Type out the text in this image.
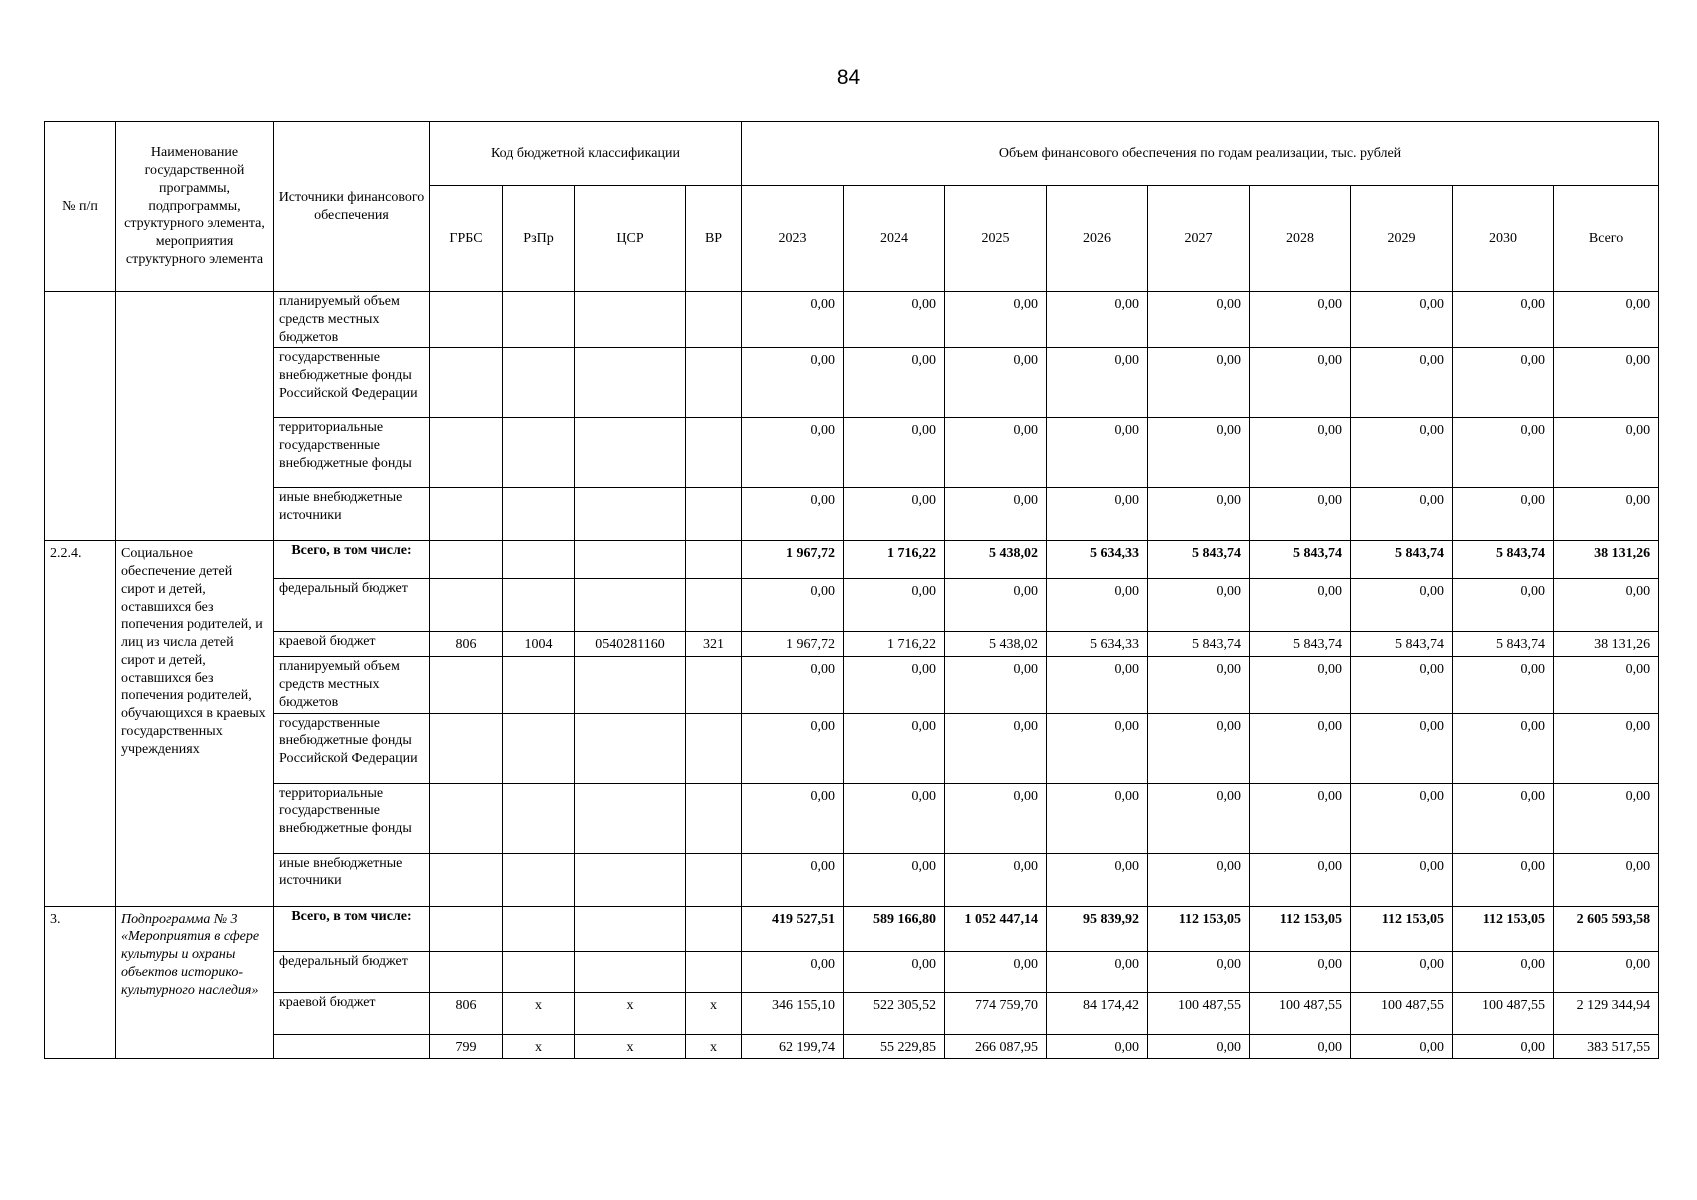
84
№ п/п	Наименование государственной программы, подпрограммы, структурного элемента, мероприятия структурного элемента	Источники финансового обеспечения	Код бюджетной классификации				Объем финансового обеспечения по годам реализации, тыс. рублей								
			ГРБС	РзПр	ЦСР	ВР	2023	2024	2025	2026	2027	2028	2029	2030	Всего
		планируемый объем средств местных бюджетов					0,00	0,00	0,00	0,00	0,00	0,00	0,00	0,00	0,00
		государственные внебюджетные фонды Российской Федерации					0,00	0,00	0,00	0,00	0,00	0,00	0,00	0,00	0,00
		территориальные государственные внебюджетные фонды					0,00	0,00	0,00	0,00	0,00	0,00	0,00	0,00	0,00
		иные внебюджетные источники					0,00	0,00	0,00	0,00	0,00	0,00	0,00	0,00	0,00
2.2.4.	Социальное обеспечение детей сирот и детей, оставшихся без попечения родителей, и лиц из числа детей сирот и детей, оставшихся без попечения родителей, обучающихся в краевых государственных учреждениях	Всего, в том числе:					1 967,72	1 716,22	5 438,02	5 634,33	5 843,74	5 843,74	5 843,74	5 843,74	38 131,26
		федеральный бюджет					0,00	0,00	0,00	0,00	0,00	0,00	0,00	0,00	0,00
		краевой бюджет	806	1004	0540281160	321	1 967,72	1 716,22	5 438,02	5 634,33	5 843,74	5 843,74	5 843,74	5 843,74	38 131,26
		планируемый объем средств местных бюджетов					0,00	0,00	0,00	0,00	0,00	0,00	0,00	0,00	0,00
		государственные внебюджетные фонды Российской Федерации					0,00	0,00	0,00	0,00	0,00	0,00	0,00	0,00	0,00
		территориальные государственные внебюджетные фонды					0,00	0,00	0,00	0,00	0,00	0,00	0,00	0,00	0,00
		иные внебюджетные источники					0,00	0,00	0,00	0,00	0,00	0,00	0,00	0,00	0,00
3.	Подпрограмма № 3 «Мероприятия в сфере культуры и охраны объектов историко-культурного наследия»	Всего, в том числе:					419 527,51	589 166,80	1 052 447,14	95 839,92	112 153,05	112 153,05	112 153,05	112 153,05	2 605 593,58
		федеральный бюджет					0,00	0,00	0,00	0,00	0,00	0,00	0,00	0,00	0,00
		краевой бюджет	806	x	x	x	346 155,10	522 305,52	774 759,70	84 174,42	100 487,55	100 487,55	100 487,55	100 487,55	2 129 344,94
			799	x	x	x	62 199,74	55 229,85	266 087,95	0,00	0,00	0,00	0,00	0,00	383 517,55
